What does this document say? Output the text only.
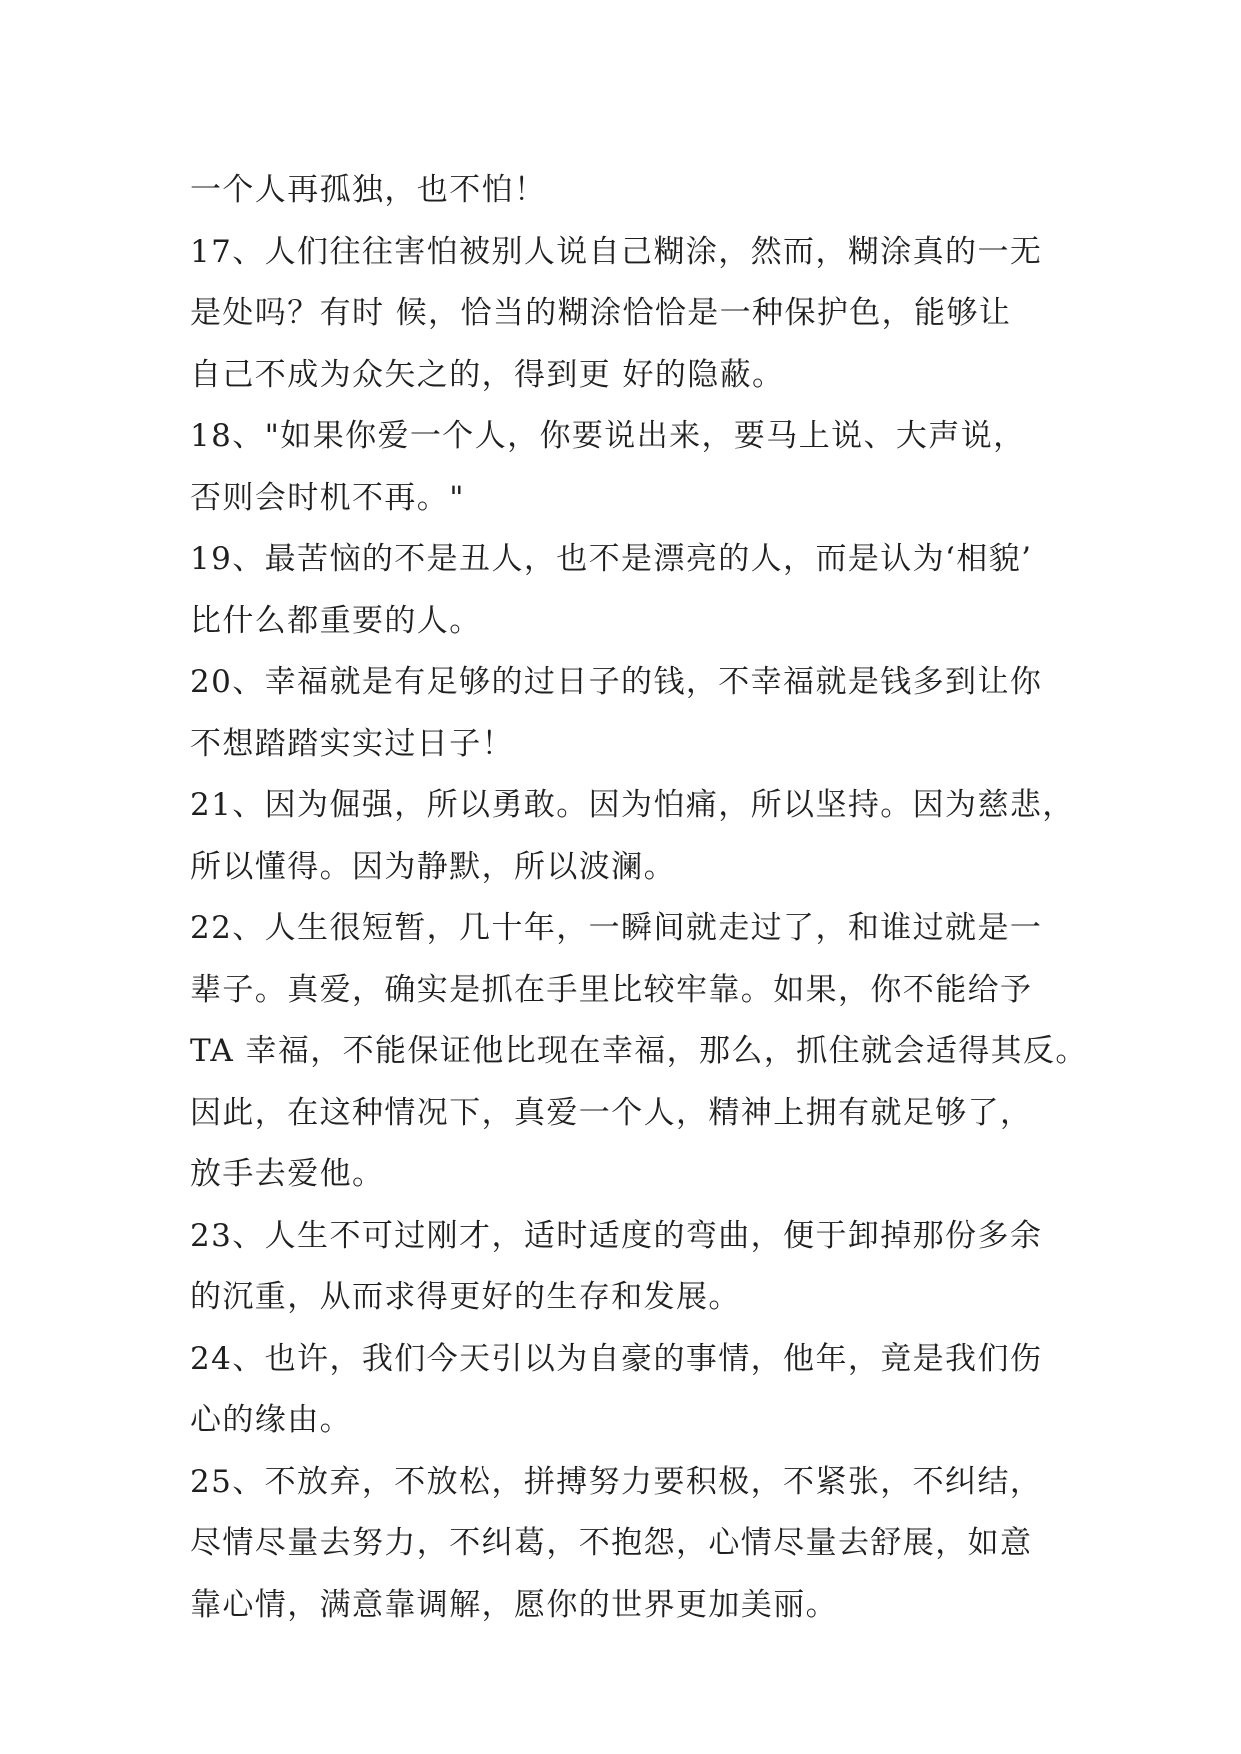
一个人再孤独，也不怕！
17、人们往往害怕被别人说自己糊涂，然而，糊涂真的一无
是处吗？有时 候，恰当的糊涂恰恰是一种保护色，能够让
自己不成为众矢之的，得到更 好的隐蔽。
18、"如果你爱一个人，你要说出来，要马上说、大声说，
否则会时机不再。"
19、最苦恼的不是丑人，也不是漂亮的人，而是认为‘相貌’
比什么都重要的人。
20、幸福就是有足够的过日子的钱，不幸福就是钱多到让你
不想踏踏实实过日子！
21、因为倔强，所以勇敢。因为怕痛，所以坚持。因为慈悲，
所以懂得。因为静默，所以波澜。
22、人生很短暂，几十年，一瞬间就走过了，和谁过就是一
辈子。真爱，确实是抓在手里比较牢靠。如果，你不能给予
TA 幸福，不能保证他比现在幸福，那么，抓住就会适得其反。
因此，在这种情况下，真爱一个人，精神上拥有就足够了，
放手去爱他。
23、人生不可过刚才，适时适度的弯曲，便于卸掉那份多余
的沉重，从而求得更好的生存和发展。
24、也许，我们今天引以为自豪的事情，他年，竟是我们伤
心的缘由。
25、不放弃，不放松，拼搏努力要积极，不紧张，不纠结，
尽情尽量去努力，不纠葛，不抱怨，心情尽量去舒展，如意
靠心情，满意靠调解，愿你的世界更加美丽。
